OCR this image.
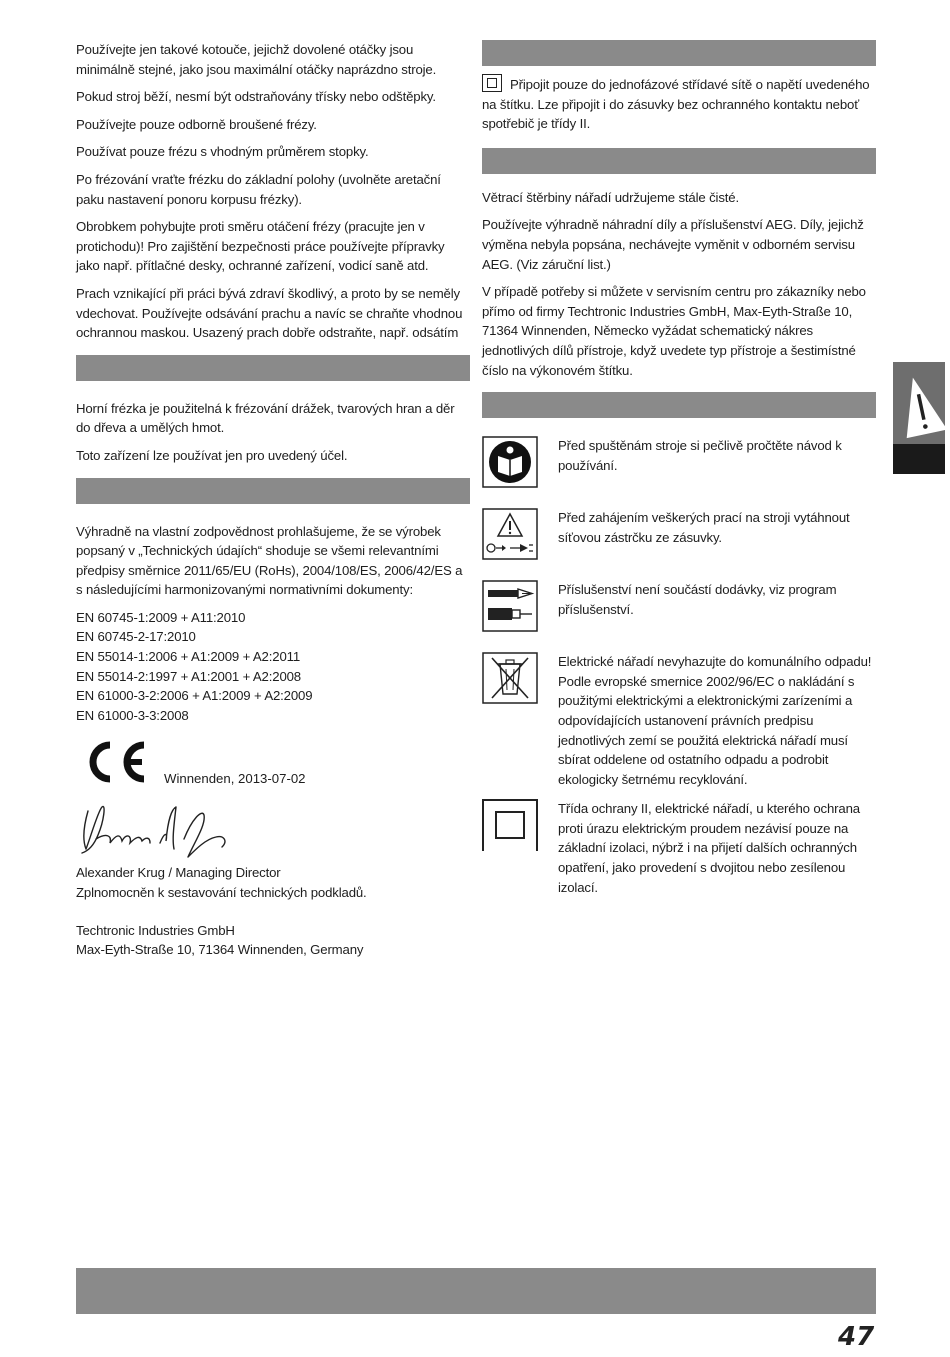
Používejte jen takové kotouče, jejichž dovolené otáčky jsou minimálně stejné, jako jsou maximální otáčky naprázdno stroje.

Pokud stroj běží, nesmí být odstraňovány třísky nebo odštěpky.

Používejte pouze odborně broušené frézy.

Používat pouze frézu s vhodným průměrem stopky.

Po frézování vraťte frézku do základní polohy (uvolněte aretační paku nastavení ponoru korpusu frézky).

Obrobkem pohybujte proti směru otáčení frézy (pracujte jen v protichodu)! Pro zajištění bezpečnosti práce používejte přípravky jako např. přítlačné desky, ochranné zařízení, vodicí saně atd.

Prach vznikající při práci bývá zdraví škodlivý, a proto by se neměly vdechovat. Používejte odsávání prachu a navíc se chraňte vhodnou ochrannou maskou. Usazený prach dobře odstraňte, např. odsátím

Horní frézka je použitelná k frézování drážek, tvarových hran a děr do dřeva a umělých hmot.

Toto zařízení lze používat jen pro uvedený účel.

Výhradně na vlastní zodpovědnost prohlašujeme, že se výrobek popsaný v „Technických údajích“ shoduje se všemi relevantními předpisy směrnice 2011/65/EU (RoHs), 2004/108/ES, 2006/42/ES a s následujícími harmonizovanými normativními dokumenty:

EN 60745-1:2009 + A11:2010
EN 60745-2-17:2010
EN 55014-1:2006 + A1:2009 + A2:2011
EN 55014-2:1997 + A1:2001 + A2:2008
EN 61000-3-2:2006 + A1:2009 + A2:2009
EN 61000-3-3:2008
Winnenden, 2013-07-02
Alexander Krug / Managing Director
Zplnomocněn k sestavování technických podkladů.
Techtronic Industries GmbH
Max-Eyth-Straße 10, 71364 Winnenden, Germany

Připojit pouze do jednofázové střídavé sítě o napětí uvedeného na štítku. Lze připojit i do zásuvky bez ochranného kontaktu neboť spotřebič je třídy II.

Větrací štěrbiny nářadí udržujeme stále čisté.

Používejte výhradně náhradní díly a příslušenství AEG. Díly, jejichž výměna nebyla popsána, nechávejte vyměnit v odborném servisu AEG. (Viz záruční list.)

V případě potřeby si můžete v servisním centru pro zákazníky nebo přímo od firmy Techtronic Industries GmbH, Max-Eyth-Straße 10, 71364 Winnenden, Německo vyžádat schematický nákres jednotlivých dílů přístroje, když uvedete typ přístroje a šestimístné číslo na výkonovém štítku.

Před spuštěnám stroje si pečlivě pročtěte návod k používání.
Před zahájením veškerých prací na stroji vytáhnout síťovou zástrčku ze zásuvky.
Příslušenství není součástí dodávky, viz program příslušenství.
Elektrické nářadí nevyhazujte do komunálního odpadu! Podle evropské smernice 2002/96/EC o nakládání s použitými elektrickými a elektronickými zarízeními a odpovídajících ustanovení právních predpisu jednotlivých zemí se použitá elektrická nářadí musí sbírat oddelene od ostatního odpadu a podrobit ekologicky šetrnému recyklování.
Třída ochrany II, elektrické nářadí, u kterého ochrana proti úrazu elektrickým proudem nezávisí pouze na základní izolaci, nýbrž i na přijetí dalších ochranných opatření, jako provedení s dvojitou nebo zesílenou izolací.
47
